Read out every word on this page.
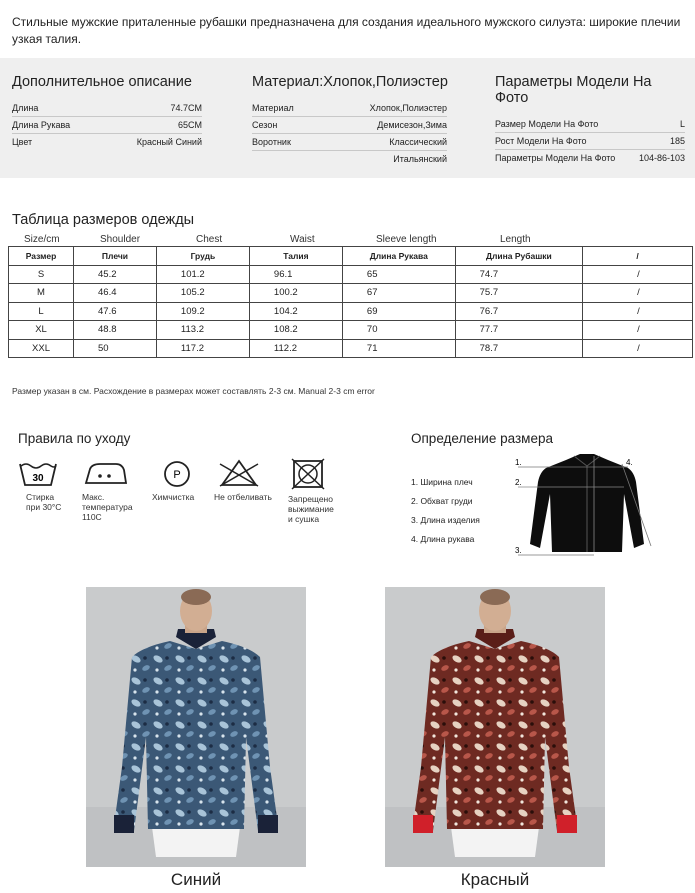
Стильные мужские приталенные рубашки предназначена для создания идеального мужского силуэта: широкие плечии узкая талия.
Дополнительное описание
Длина	74.7CM
Длина Рукава	65CM
Цвет	Красный Синий
Материал:Хлопок,Полиэстер
Материал	Хлопок,Полиэстер
Сезон	Демисезон,Зима
Воротник	Классический
Итальянский
Параметры Модели На Фото
Размер Модели На Фото	L
Рост Модели На Фото	185
Параметры Модели На Фото	104-86-103
Таблица размеров одежды
Size/cm	Shoulder	Chest	Waist	Sleeve length	Length
Размер	Плечи	Грудь	Талия	Длина Рукава	Длина Рубашки	/
S	45.2	101.2	96.1	65	74.7	/
M	46.4	105.2	100.2	67	75.7	/
L	47.6	109.2	104.2	69	76.7	/
XL	48.8	113.2	108.2	70	77.7	/
XXL	50	117.2	112.2	71	78.7	/
Размер указан в см. Расхождение в размерах может составлять 2-3 см. Manual 2-3 cm error
Правила по уходу
30
Стирка
при 30°C
Макс.
температура
110C
P
Химчистка	Не отбеливать Запрещено
выжимание
и сушка
Определение размера
1. Ширина плеч
2. Обхват груди
3. Длина изделия
4. Длина рукава
1.
2.
3.
4.
Синий	Красный
